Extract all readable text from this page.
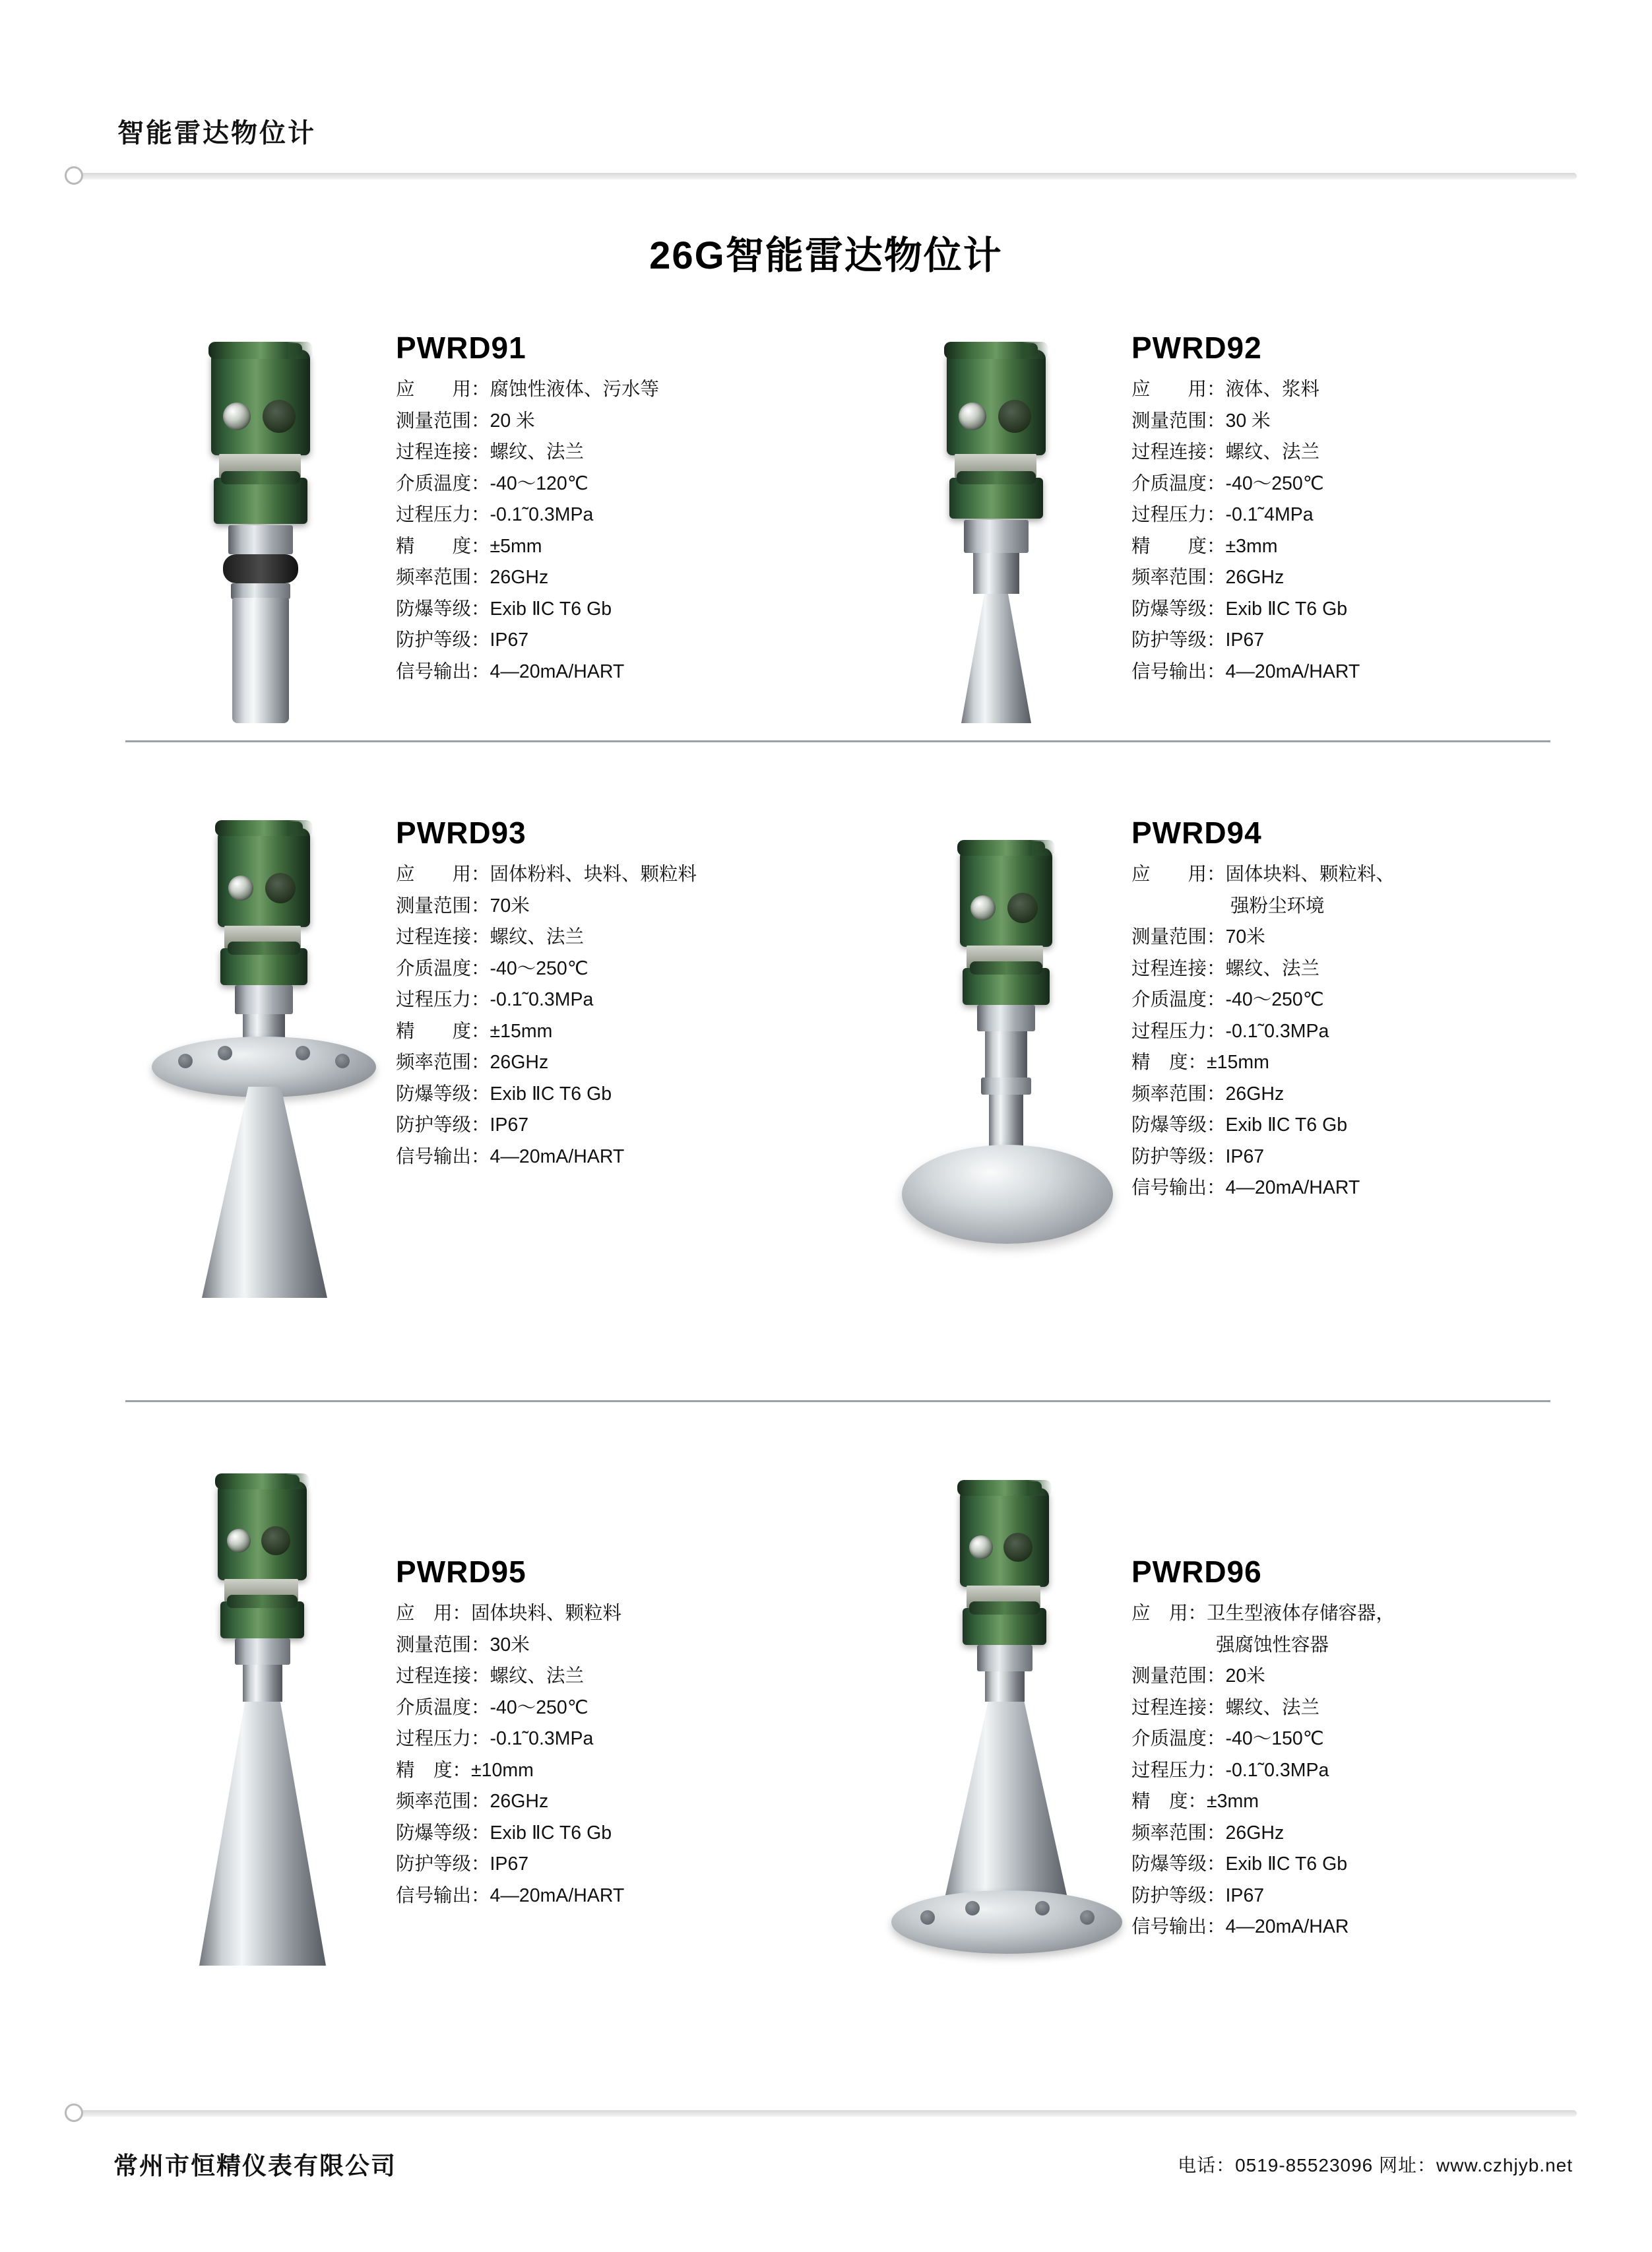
智能雷达物位计
26G智能雷达物位计
PWRD91
应　　用： 腐蚀性液体、污水等
测量范围： 20 米
过程连接： 螺纹、法兰
介质温度： -40～120℃
过程压力： -0.1˜0.3MPa
精　　度： ±5mm
频率范围： 26GHz
防爆等级： Exib ⅡC T6 Gb
防护等级： IP67
信号输出： 4—20mA/HART
PWRD92
应　　用： 液体、浆料
测量范围： 30 米
过程连接： 螺纹、法兰
介质温度： -40～250℃
过程压力： -0.1˜4MPa
精　　度： ±3mm
频率范围： 26GHz
防爆等级： Exib ⅡC T6 Gb
防护等级： IP67
信号输出： 4—20mA/HART
PWRD93
应　　用： 固体粉料、块料、颗粒料
测量范围： 70米
过程连接： 螺纹、法兰
介质温度： -40～250℃
过程压力： -0.1˜0.3MPa
精　　度： ±15mm
频率范围： 26GHz
防爆等级： Exib ⅡC T6 Gb
防护等级： IP67
信号输出： 4—20mA/HART
PWRD94
应　　用： 固体块料、颗粒料、
强粉尘环境
测量范围： 70米
过程连接： 螺纹、法兰
介质温度： -40～250℃
过程压力： -0.1˜0.3MPa
精　度： ±15mm
频率范围： 26GHz
防爆等级： Exib ⅡC T6 Gb
防护等级： IP67
信号输出： 4—20mA/HART
PWRD95
应　用： 固体块料、颗粒料
测量范围： 30米
过程连接： 螺纹、法兰
介质温度： -40～250℃
过程压力： -0.1˜0.3MPa
精　度： ±10mm
频率范围： 26GHz
防爆等级： Exib ⅡC T6 Gb
防护等级： IP67
信号输出： 4—20mA/HART
PWRD96
应　用： 卫生型液体存储容器，
强腐蚀性容器
测量范围： 20米
过程连接： 螺纹、法兰
介质温度： -40～150℃
过程压力： -0.1˜0.3MPa
精　度： ±3mm
频率范围： 26GHz
防爆等级： Exib ⅡC T6 Gb
防护等级： IP67
信号输出： 4—20mA/HAR
常州市恒精仪表有限公司	电话：0519-85523096 网址：www.czhjyb.net
